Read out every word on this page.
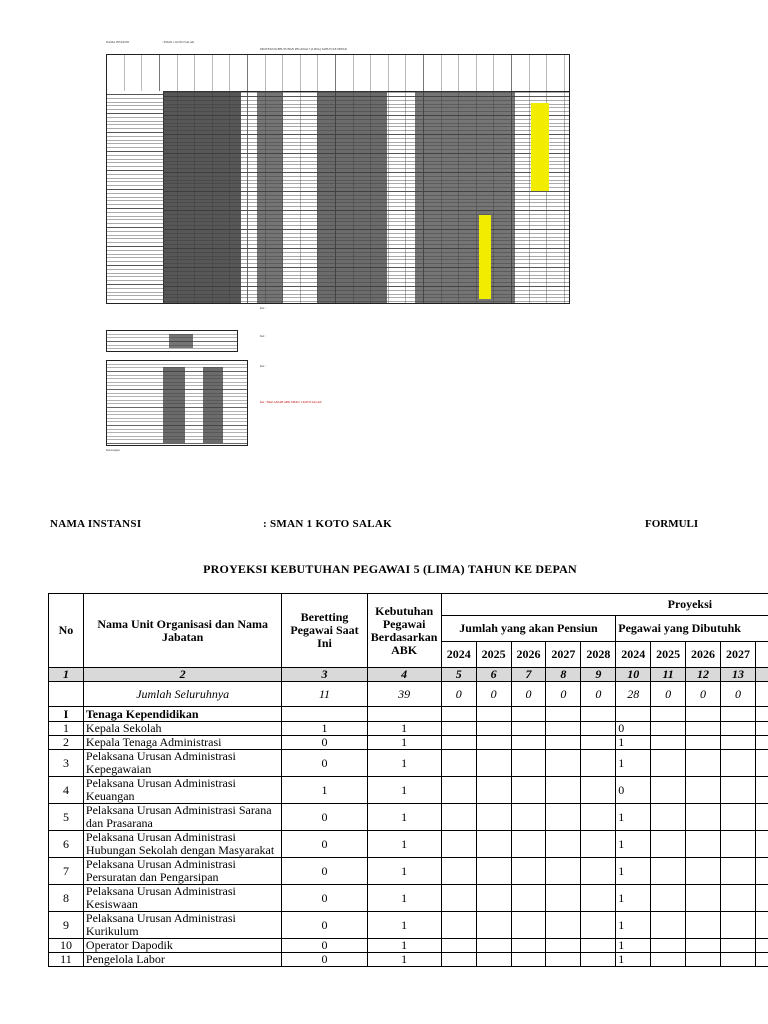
NAMA INSTANSI	: SMAN 1 KOTO SALAK
PROYEKSI KEBUTUHAN PEGAWAI 5 (LIMA) TAHUN KE DEPAN
Ket :
Ket :
Ket :
Ket : Hasil ANJAB ABK SMAN 1 KOTO SALAK
Keterangan
NAMA INSTANSI	: SMAN 1 KOTO SALAK	FORMULI
PROYEKSI KEBUTUHAN PEGAWAI 5 (LIMA) TAHUN KE DEPAN
No	Nama Unit Organisasi dan Nama Jabatan	Beretting Pegawai Saat Ini	Kebutuhan Pegawai Berdasarkan ABK	Proyeksi									
				Jumlah yang akan Pensiun					Pegawai yang Dibutuhk				
				2024	2025	2026	2027	2028	2024	2025	2026	2027	
1	2	3	4	5	6	7	8	9	10	11	12	13	
	Jumlah Seluruhnya	11	39	0	0	0	0	0	28	0	0	0	
I	Tenaga Kependidikan												
1	Kepala Sekolah	1	1						0				
2	Kepala Tenaga Administrasi	0	1						1				
3	Pelaksana Urusan Administrasi Kepegawaian	0	1						1				
4	Pelaksana Urusan Administrasi Keuangan	1	1						0				
5	Pelaksana Urusan Administrasi Sarana dan Prasarana	0	1						1				
6	Pelaksana Urusan Administrasi Hubungan Sekolah dengan Masyarakat	0	1						1				
7	Pelaksana Urusan Administrasi Persuratan dan Pengarsipan	0	1						1				
8	Pelaksana Urusan Administrasi Kesiswaan	0	1						1				
9	Pelaksana Urusan Administrasi Kurikulum	0	1						1				
10	Operator Dapodik	0	1						1				
11	Pengelola Labor	0	1						1				
